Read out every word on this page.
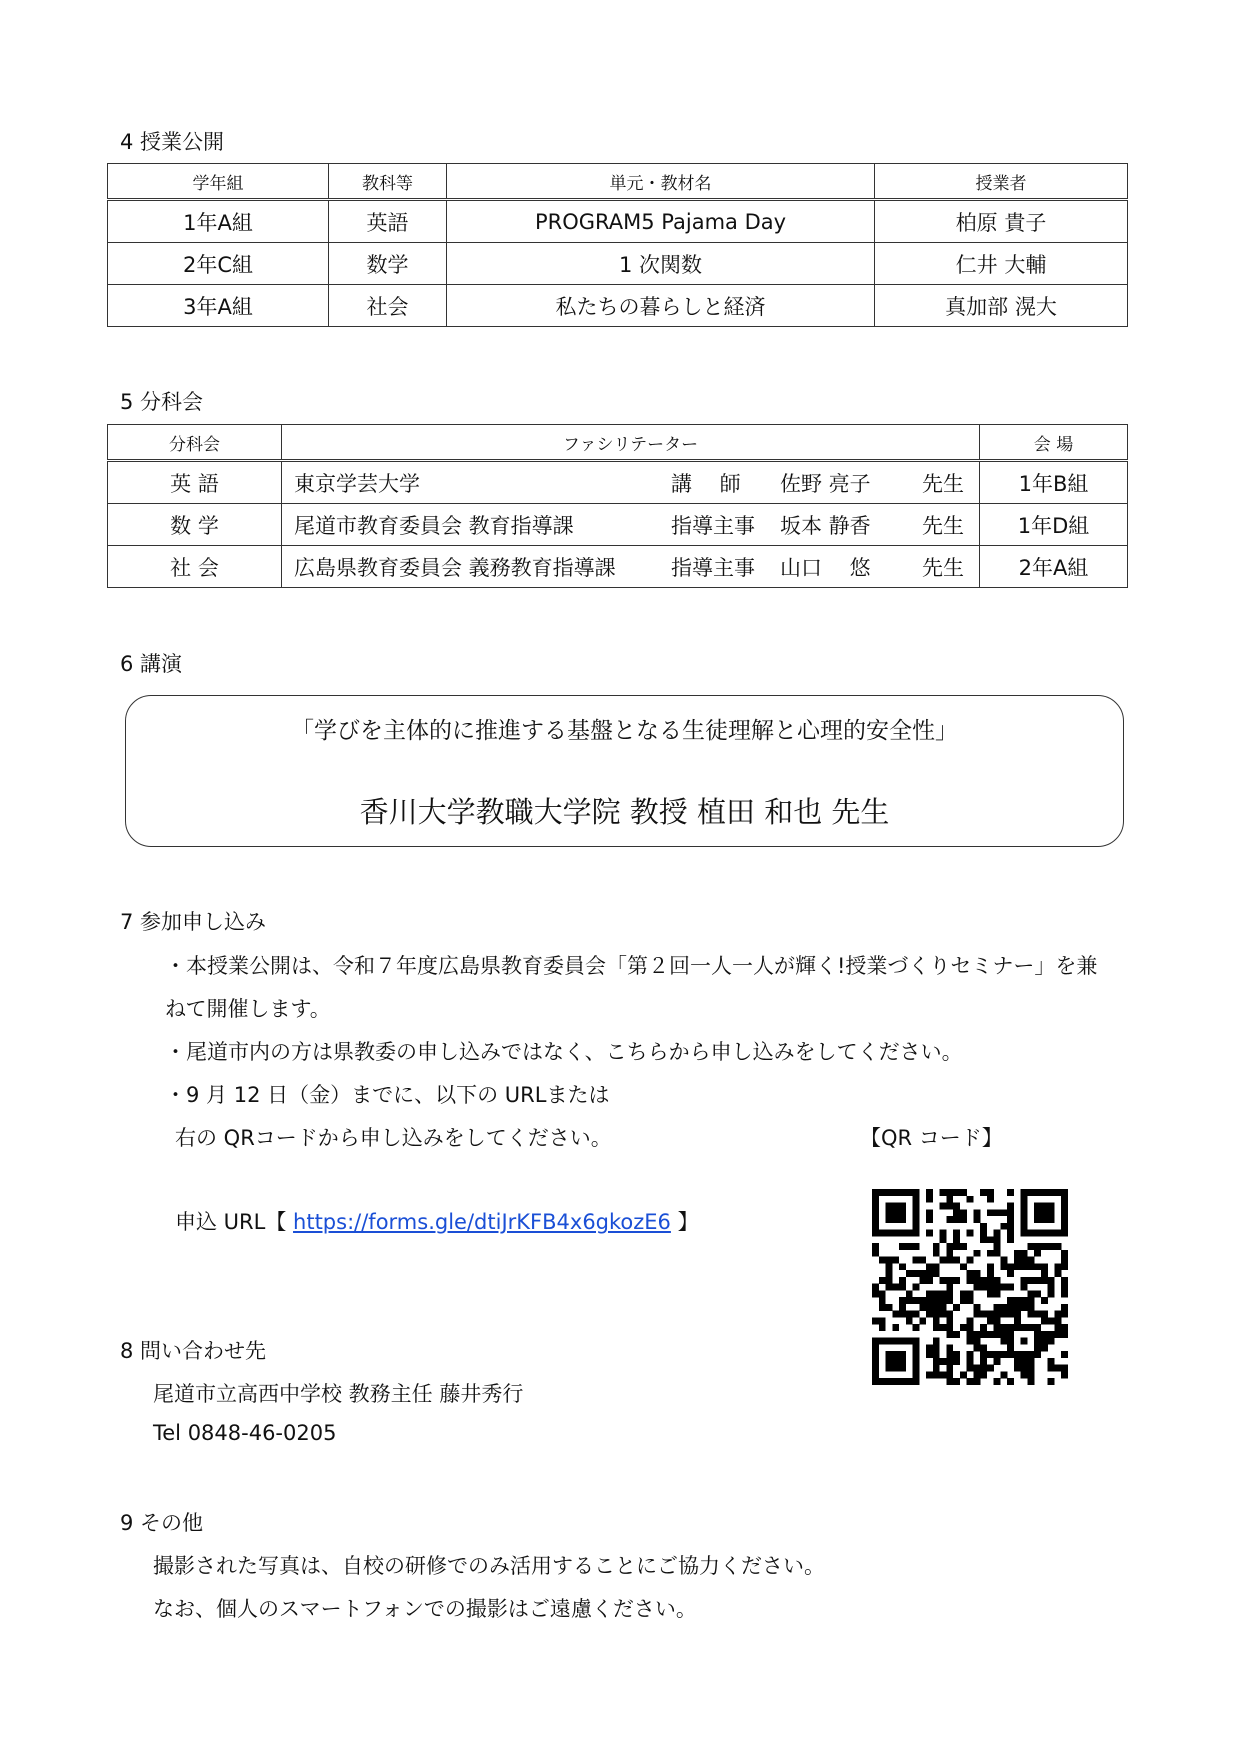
4 授業公開
学年組	教科等	単元・教材名	授業者
1年A組	英語	PROGRAM5 Pajama Day	柏原 貴子
2年C組	数学	1 次関数	仁井 大輔
3年A組	社会	私たちの暮らしと経済	真加部 滉大
5 分科会
分科会	ファシリテーター	会 場
英 語	東京学芸大学 講　 師 佐野 亮子 先生	1年B組
数 学	尾道市教育委員会 教育指導課 指導主事 坂本 静香 先生	1年D組
社 会	広島県教育委員会 義務教育指導課 指導主事 山口　 悠 先生	2年A組
6 講演
「学びを主体的に推進する基盤となる生徒理解と心理的安全性」
香川大学教職大学院 教授 植田 和也 先生
7 参加申し込み
・本授業公開は、令和７年度広島県教育委員会「第２回一人一人が輝く!授業づくりセミナー」を兼
ねて開催します。
・尾道市内の方は県教委の申し込みではなく、こちらから申し込みをしてください。
・9 月 12 日（金）までに、以下の URLまたは
右の QRコードから申し込みをしてください。	【QR コード】
申込 URL【 https://forms.gle/dtiJrKFB4x6gkozE6 】
8 問い合わせ先
尾道市立高西中学校 教務主任 藤井秀行
Tel 0848-46-0205
9 その他
撮影された写真は、自校の研修でのみ活用することにご協力ください。
なお、個人のスマートフォンでの撮影はご遠慮ください。
